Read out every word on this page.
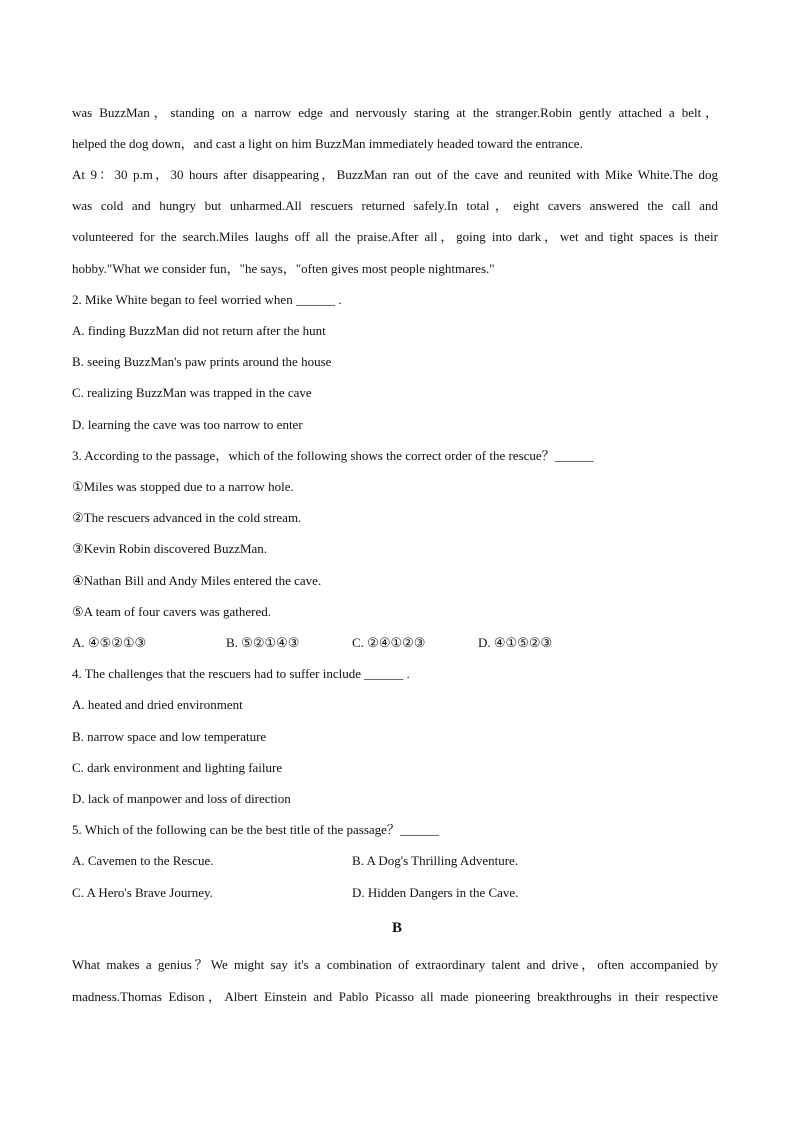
was BuzzMan，standing on a narrow edge and nervously staring at the stranger.Robin gently attached a belt，
helped the dog down，and cast a light on him BuzzMan immediately headed toward the entrance.
At 9：30 p.m，30 hours after disappearing，BuzzMan ran out of the cave and reunited with Mike White.The dog
was cold and hungry but unharmed.All rescuers returned safely.In total，eight cavers answered the call and
volunteered for the search.Miles laughs off all the praise.After all，going into dark，wet and tight spaces is their
hobby."What we consider fun，"he says，"often gives most people nightmares."
2. Mike White began to feel worried when ______ .
A. finding BuzzMan did not return after the hunt
B. seeing BuzzMan's paw prints around the house
C. realizing BuzzMan was trapped in the cave
D. learning the cave was too narrow to enter
3. According to the passage，which of the following shows the correct order of the rescue？______
①Miles was stopped due to a narrow hole.
②The rescuers advanced in the cold stream.
③Kevin Robin discovered BuzzMan.
④Nathan Bill and Andy Miles entered the cave.
⑤A team of four cavers was gathered.
A. ④⑤②①③	B. ⑤②①④③	C. ②④①②③	D. ④①⑤②③
4. The challenges that the rescuers had to suffer include ______ .
A. heated and dried environment
B. narrow space and low temperature
C. dark environment and lighting failure
D. lack of manpower and loss of direction
5. Which of the following can be the best title of the passage？______
A. Cavemen to the Rescue.	B. A Dog's Thrilling Adventure.
C. A Hero's Brave Journey.	D. Hidden Dangers in the Cave.
B
What makes a genius？We might say it's a combination of extraordinary talent and drive，often accompanied by
madness.Thomas Edison，Albert Einstein and Pablo Picasso all made pioneering breakthroughs in their respective
